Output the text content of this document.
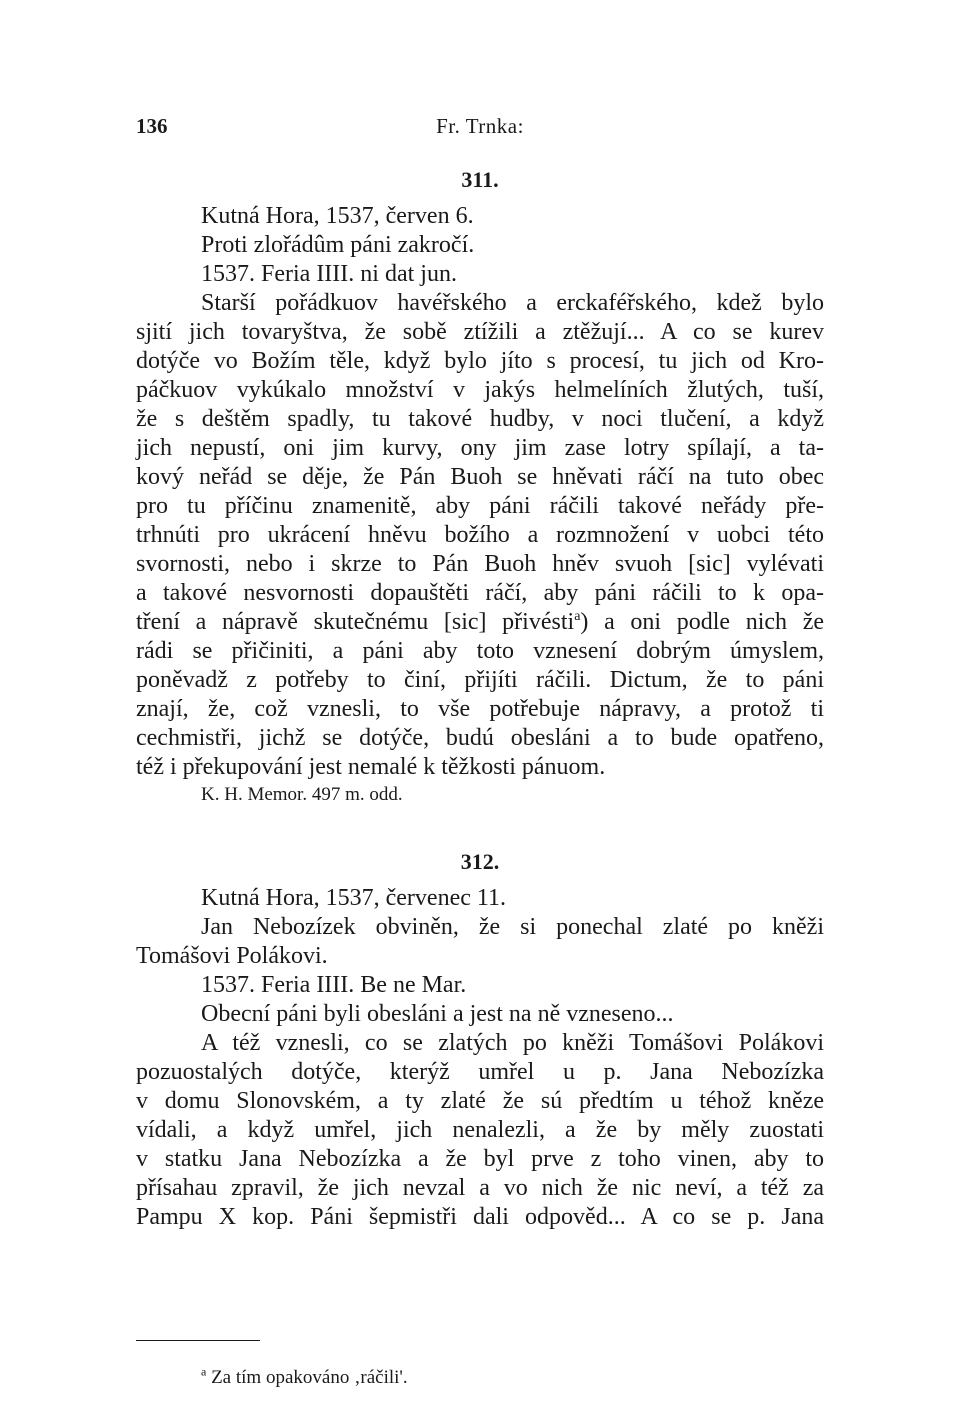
136	Fr. Trnka:
311.
Kutná Hora, 1537, červen 6.
Proti zlořádûm páni zakročí.
1537. Feria IIII. ni dat jun.
Starší pořádkuov havéřského a erckaféřského, kdež bylo
sjití jich tovaryštva, že sobě ztížili a ztěžují... A co se kurev
dotýče vo Božím těle, když bylo jíto s procesí, tu jich od Kro-
páčkuov vykúkalo množství v jakýs helmelíních žlutých, tuší,
že s deštěm spadly, tu takové hudby, v noci tlučení, a když
jich nepustí, oni jim kurvy, ony jim zase lotry spílají, a ta-
kový neřád se děje, že Pán Buoh se hněvati ráčí na tuto obec
pro tu příčinu znamenitě, aby páni ráčili takové neřády pře-
trhnúti pro ukrácení hněvu božího a rozmnožení v uobci této
svornosti, nebo i skrze to Pán Buoh hněv svuoh [sic] vylévati
a takové nesvornosti dopauštěti ráčí, aby páni ráčili to k opa-
tření a nápravě skutečnému [sic] přivésti$^a$) a oni podle nich že
rádi se přičiniti, a páni aby toto vznesení dobrým úmyslem,
poněvadž z potřeby to činí, přijíti ráčili. Dictum, že to páni
znají, že, což vznesli, to vše potřebuje nápravy, a protož ti
cechmistři, jichž se dotýče, budú obesláni a to bude opatřeno,
též i překupování jest nemalé k těžkosti pánuom.
K. H. Memor. 497 m. odd.
312.
Kutná Hora, 1537, červenec 11.
Jan Nebozízek obviněn, že si ponechal zlaté po kněži
Tomášovi Polákovi.
1537. Feria IIII. Be ne Mar.
Obecní páni byli obesláni a jest na ně vzneseno...
A též vznesli, co se zlatých po kněži Tomášovi Polákovi
pozuostalých dotýče, kterýž umřel u p. Jana Nebozízka
v domu Slonovském, a ty zlaté že sú předtím u téhož kněze
vídali, a když umřel, jich nenalezli, a že by měly zuostati
v statku Jana Nebozízka a že byl prve z toho vinen, aby to
přísahau zpravil, že jich nevzal a vo nich že nic neví, a též za
Pampu X kop. Páni šepmistři dali odpověd... A co se p. Jana
$^a$ Za tím opakováno ‚ráčili'.
